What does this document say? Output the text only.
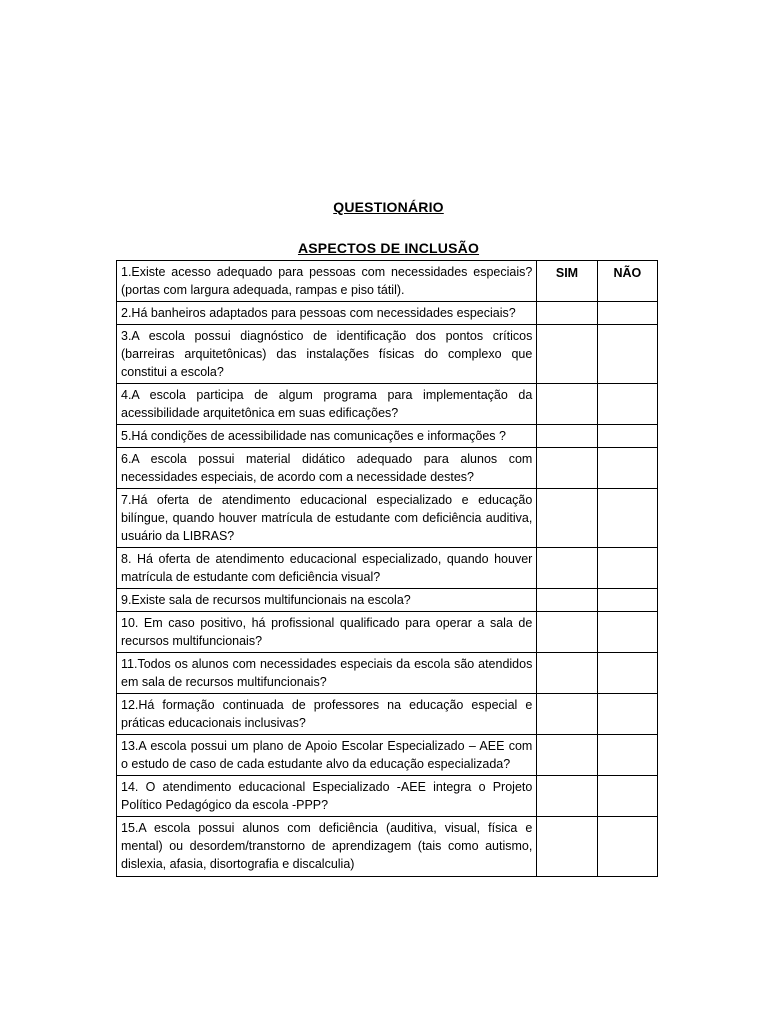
QUESTIONÁRIO
ASPECTOS DE INCLUSÃO
1.Existe acesso adequado para pessoas com necessidades especiais? (portas com largura adequada, rampas e piso tátil).	SIM	NÃO
2.Há banheiros adaptados para pessoas com necessidades especiais?		
3.A escola possui diagnóstico de identificação dos pontos críticos (barreiras arquitetônicas) das instalações físicas do complexo que constitui a escola?		
4.A escola participa de algum programa para implementação da acessibilidade arquitetônica em suas edificações?		
5.Há condições de acessibilidade nas comunicações e informações ?		
6.A escola possui material didático adequado para alunos com necessidades especiais, de acordo com a necessidade destes?		
7.Há oferta de atendimento educacional especializado e educação bilíngue, quando houver matrícula de estudante com deficiência auditiva, usuário da LIBRAS?		
8. Há oferta de atendimento educacional especializado, quando houver matrícula de estudante com deficiência visual?		
9.Existe sala de recursos multifuncionais na escola?		
10. Em caso positivo, há profissional qualificado para operar a sala de recursos multifuncionais?		
11.Todos os alunos com necessidades especiais da escola são atendidos em sala de recursos multifuncionais?		
12.Há formação continuada de professores na educação especial e práticas educacionais inclusivas?		
13.A escola possui um plano de Apoio Escolar Especializado – AEE com o estudo de caso de cada estudante alvo da educação especializada?		
14. O atendimento educacional Especializado -AEE integra o Projeto Político Pedagógico da escola -PPP?		
15.A escola possui alunos com deficiência (auditiva, visual, física e mental) ou desordem/transtorno de aprendizagem (tais como autismo, dislexia, afasia, disortografia e discalculia)		
